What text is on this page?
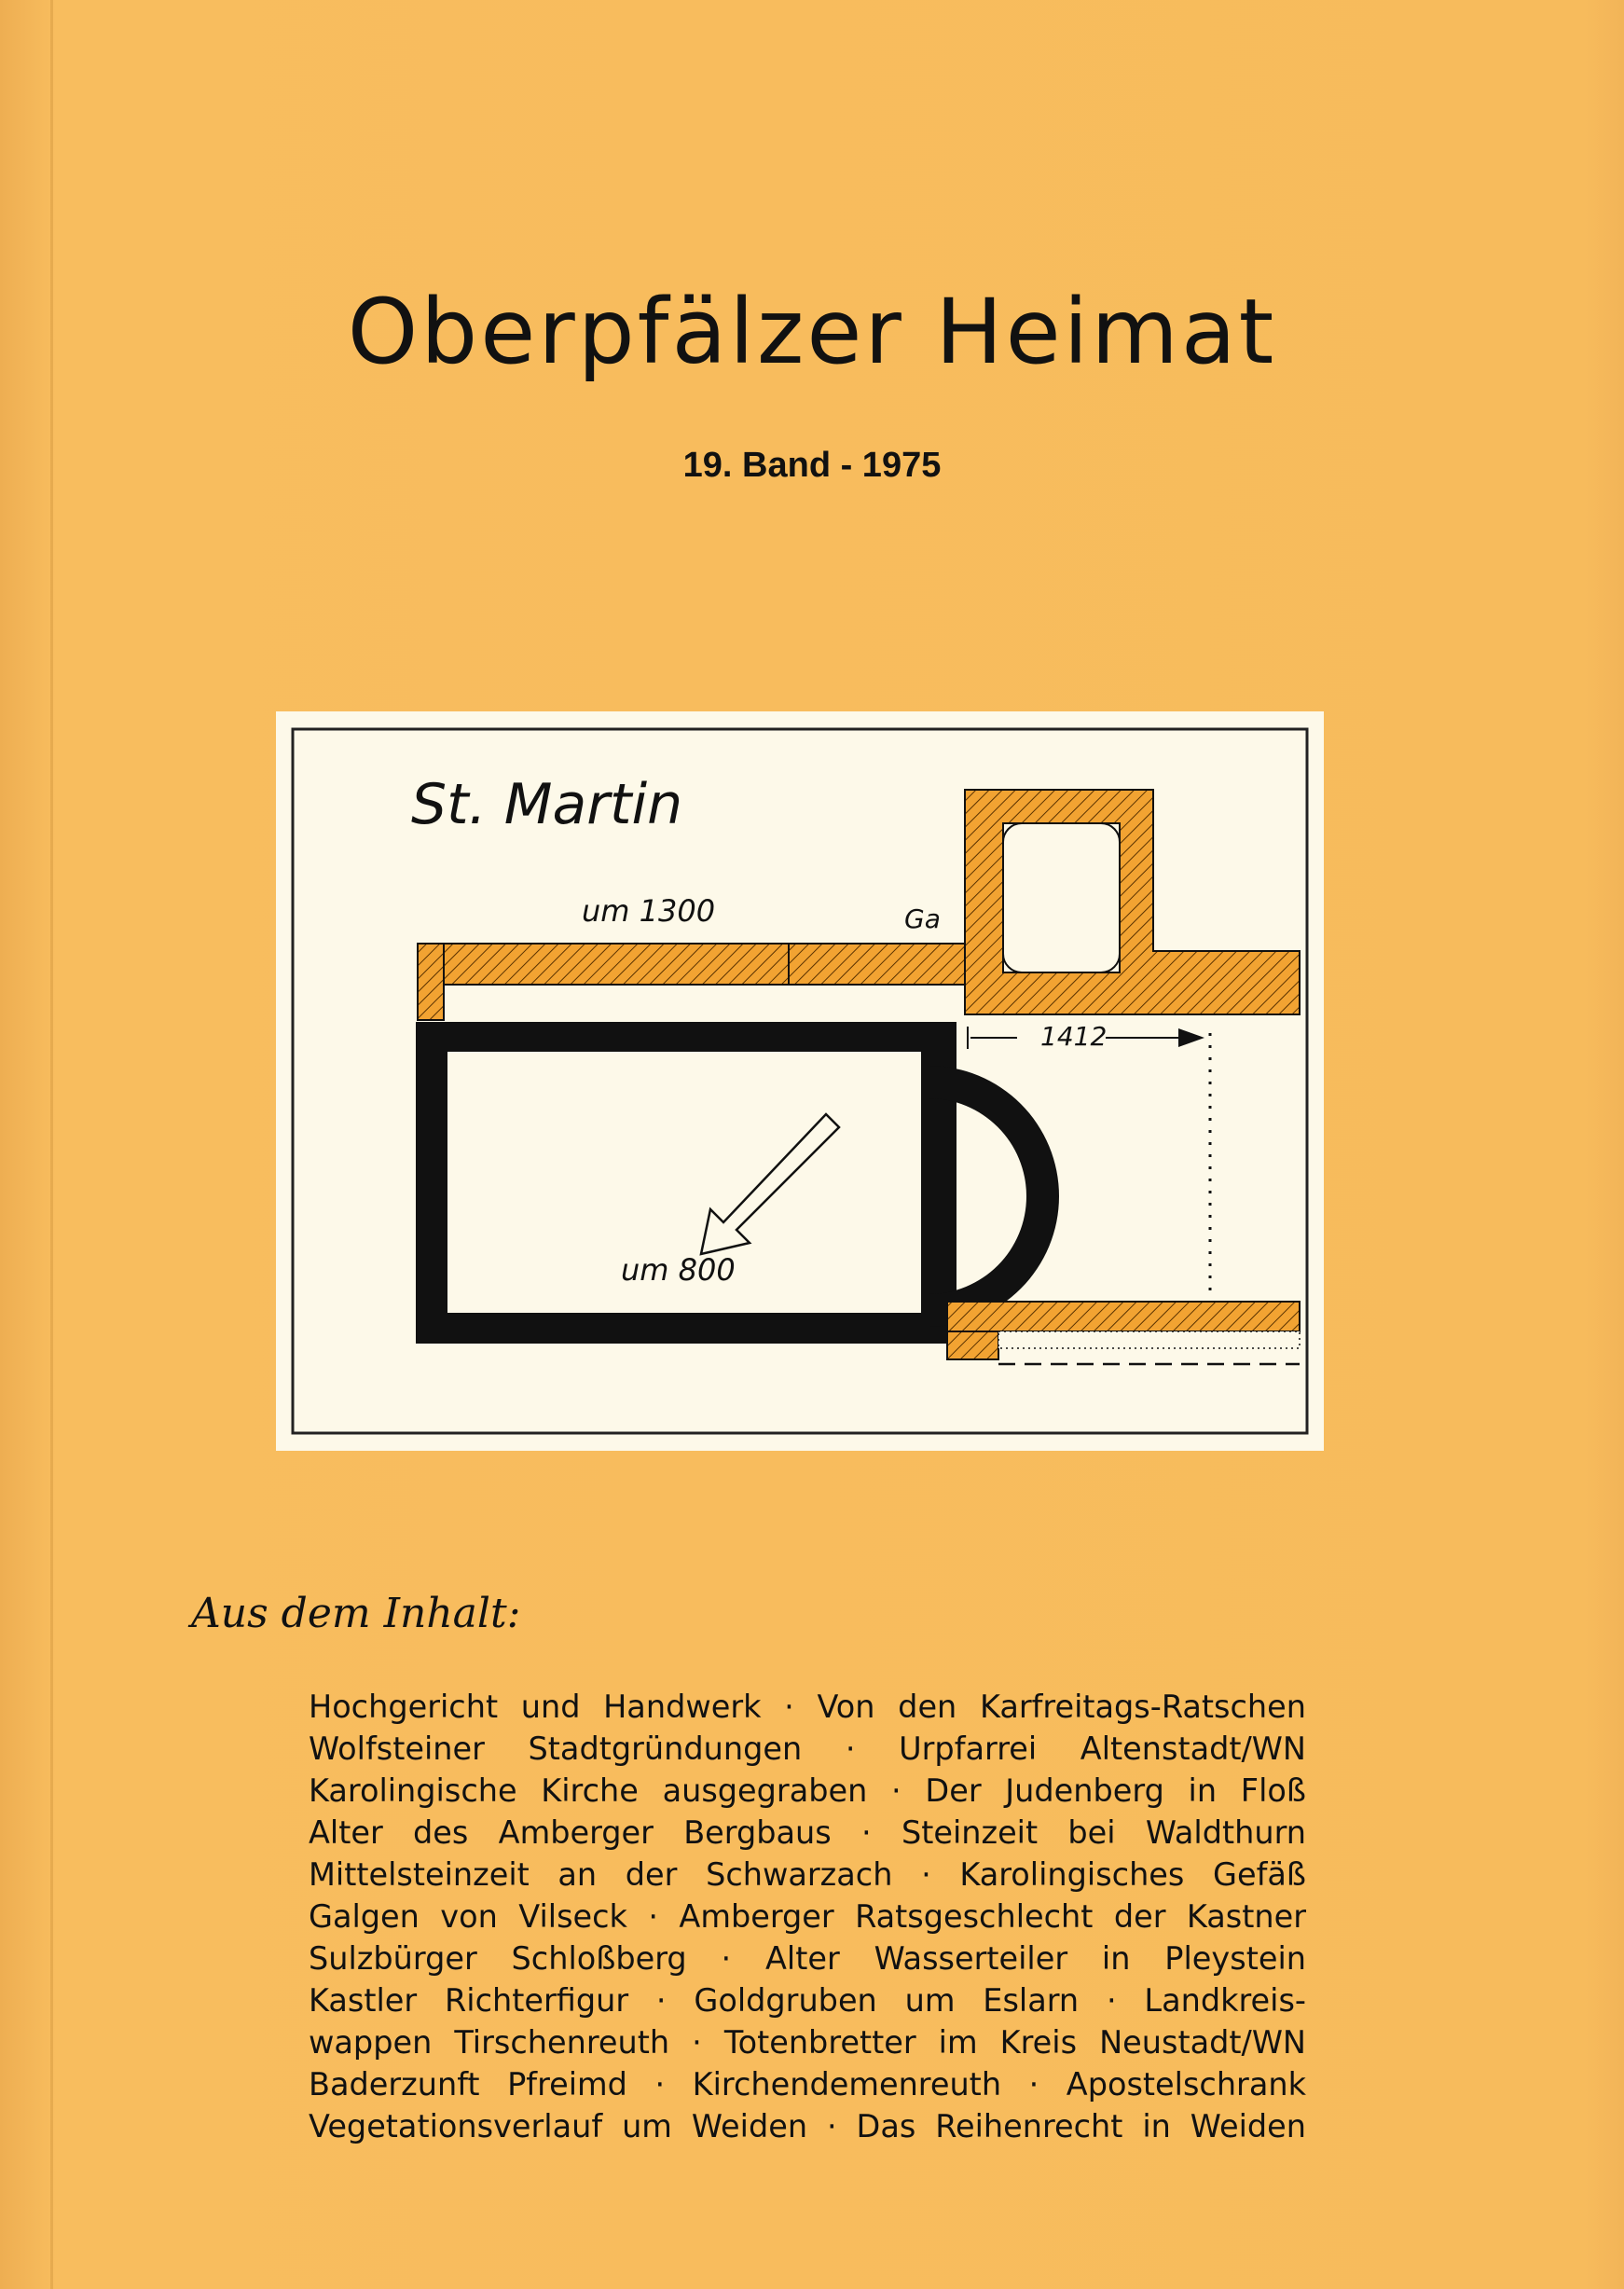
Oberpfälzer Heimat
19. Band - 1975
St. Martin
um 1300	Ga
1412
um 800
Aus dem Inhalt:
Hochgericht und Handwerk · Von den Karfreitags-Ratschen
Wolfsteiner Stadtgründungen · Urpfarrei Altenstadt/WN
Karolingische Kirche ausgegraben · Der Judenberg in Floß
Alter des Amberger Bergbaus · Steinzeit bei Waldthurn
Mittelsteinzeit an der Schwarzach · Karolingisches Gefäß
Galgen von Vilseck · Amberger Ratsgeschlecht der Kastner
Sulzbürger Schloßberg · Alter Wasserteiler in Pleystein
Kastler Richterfigur · Goldgruben um Eslarn · Landkreis-
wappen Tirschenreuth · Totenbretter im Kreis Neustadt/WN
Baderzunft Pfreimd · Kirchendemenreuth · Apostelschrank
Vegetationsverlauf um Weiden · Das Reihenrecht in Weiden
